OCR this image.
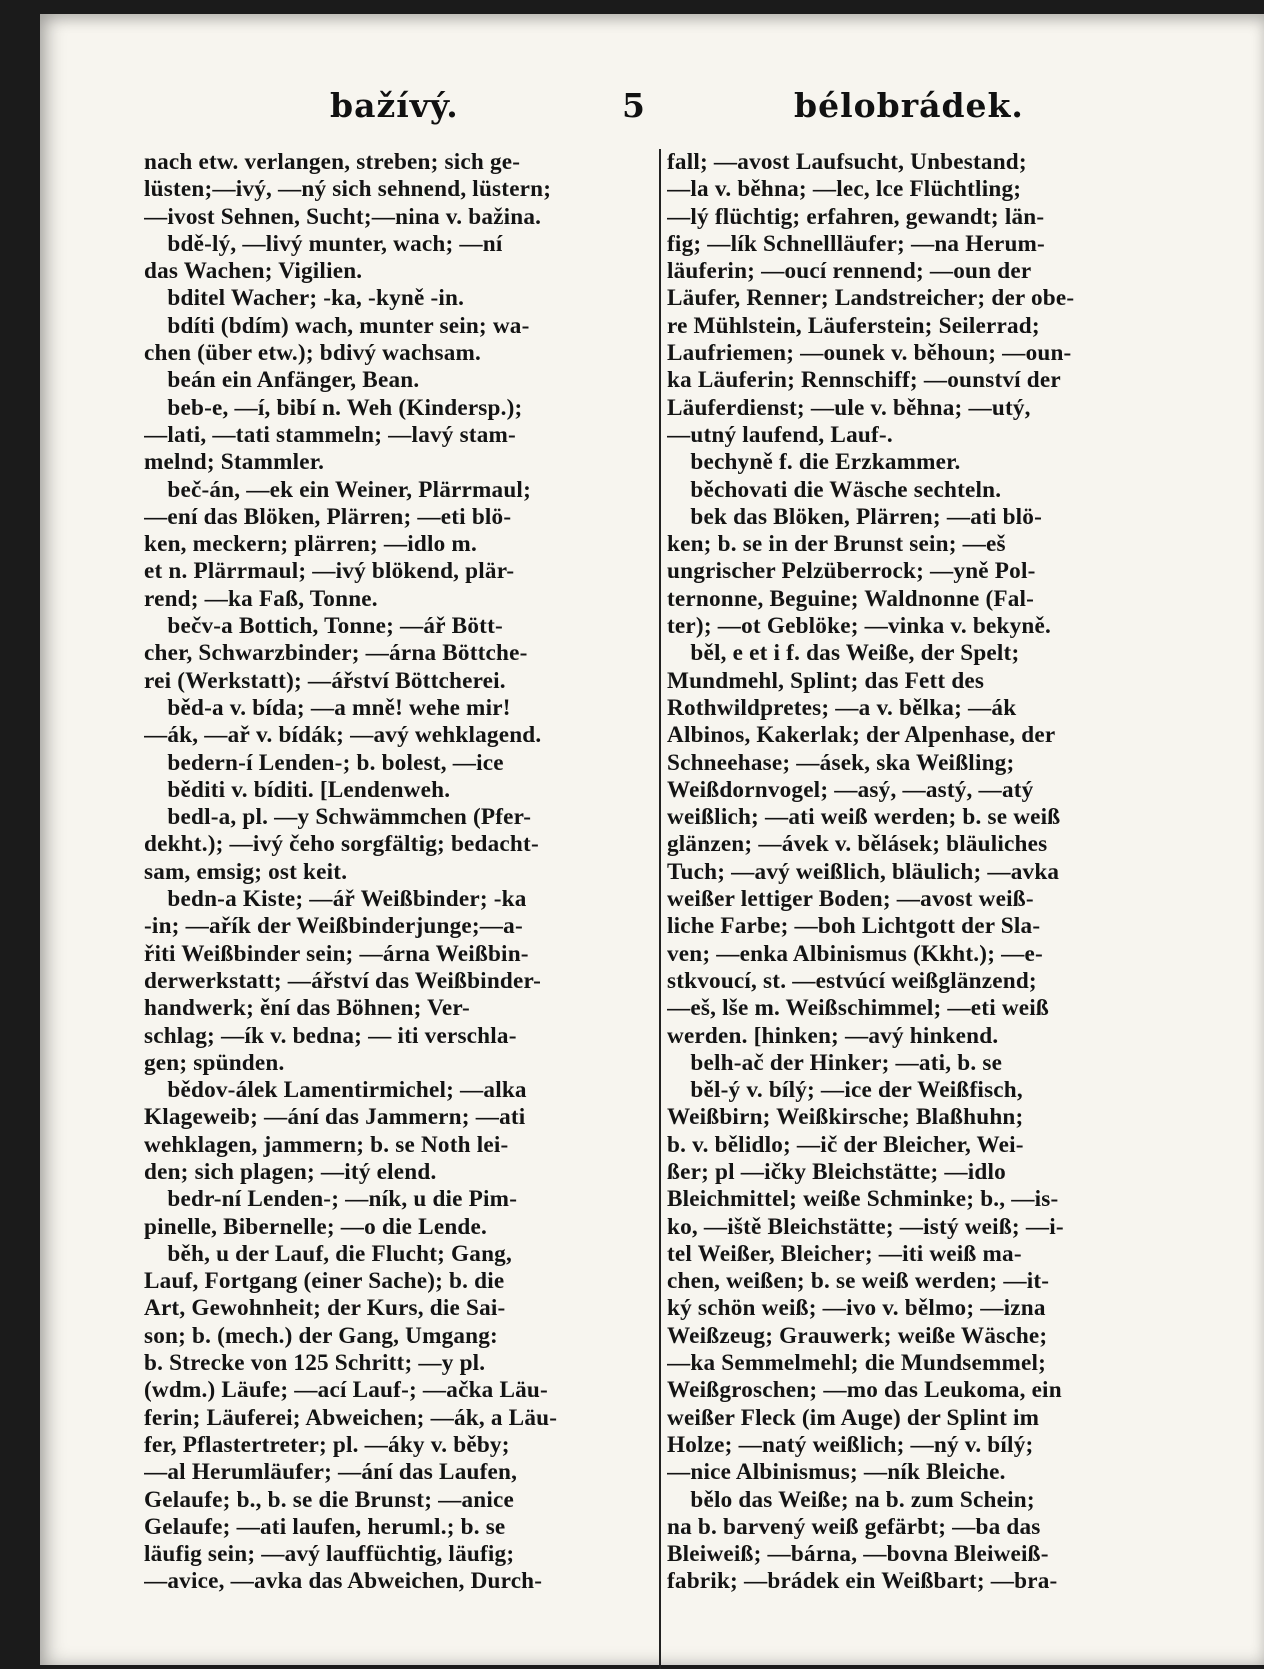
bažívý.	5	bélobrádek.
nach etw. verlangen, streben; sich ge-
lüsten;—ivý, —ný sich sehnend, lüstern;
—ivost Sehnen, Sucht;—nina v. bažina.
 bdě-lý, —livý munter, wach; —ní
das Wachen; Vigilien.
 bditel Wacher; -ka, -kyně -in.
 bdíti (bdím) wach, munter sein; wa-
chen (über etw.); bdivý wachsam.
 beán ein Anfänger, Bean.
 beb-e, —í, bibí n. Weh (Kindersp.);
—lati, —tati stammeln; —lavý stam-
melnd; Stammler.
 beč-án, —ek ein Weiner, Plärrmaul;
—ení das Blöken, Plärren; —eti blö-
ken, meckern; plärren; —idlo m.
et n. Plärrmaul; —ivý blökend, plär-
rend; —ka Faß, Tonne.
 bečv-a Bottich, Tonne; —ář Bött-
cher, Schwarzbinder; —árna Böttche-
rei (Werkstatt); —ářství Böttcherei.
 běd-a v. bída; —a mně! wehe mir!
—ák, —ař v. bídák; —avý wehklagend.
 bedern-í Lenden-; b. bolest, —ice
 běditi v. bíditi. [Lendenweh.
 bedl-a, pl. —y Schwämmchen (Pfer-
dekht.); —ivý čeho sorgfältig; bedacht-
sam, emsig; ost keit.
 bedn-a Kiste; —ář Weißbinder; -ka
-in; —ařík der Weißbinderjunge;—a-
řiti Weißbinder sein; —árna Weißbin-
derwerkstatt; —ářství das Weißbinder-
handwerk; ění das Böhnen; Ver-
schlag; —ík v. bedna; — iti verschla-
gen; spünden.
 bědov-álek Lamentirmichel; —alka
Klageweib; —ání das Jammern; —ati
wehklagen, jammern; b. se Noth lei-
den; sich plagen; —itý elend.
 bedr-ní Lenden-; —ník, u die Pim-
pinelle, Bibernelle; —o die Lende.
 běh, u der Lauf, die Flucht; Gang,
Lauf, Fortgang (einer Sache); b. die
Art, Gewohnheit; der Kurs, die Sai-
son; b. (mech.) der Gang, Umgang:
b. Strecke von 125 Schritt; —y pl.
(wdm.) Läufe; —ací Lauf-; —ačka Läu-
ferin; Läuferei; Abweichen; —ák, a Läu-
fer, Pflastertreter; pl. —áky v. běby;
—al Herumläufer; —ání das Laufen,
Gelaufe; b., b. se die Brunst; —anice
Gelaufe; —ati laufen, heruml.; b. se
läufig sein; —avý lauffüchtig, läufig;
—avice, —avka das Abweichen, Durch-
fall; —avost Laufsucht, Unbestand;
—la v. běhna; —lec, lce Flüchtling;
—lý flüchtig; erfahren, gewandt; län-
fig; —lík Schnellläufer; —na Herum-
läuferin; —oucí rennend; —oun der
Läufer, Renner; Landstreicher; der obe-
re Mühlstein, Läuferstein; Seilerrad;
Laufriemen; —ounek v. běhoun; —oun-
ka Läuferin; Rennschiff; —ounství der
Läuferdienst; —ule v. běhna; —utý,
—utný laufend, Lauf-.
 bechyně f. die Erzkammer.
 běchovati die Wäsche sechteln.
 bek das Blöken, Plärren; —ati blö-
ken; b. se in der Brunst sein; —eš
ungrischer Pelzüberrock; —yně Pol-
ternonne, Beguine; Waldnonne (Fal-
ter); —ot Geblöke; —vinka v. bekyně.
 běl, e et i f. das Weiße, der Spelt;
Mundmehl, Splint; das Fett des
Rothwildpretes; —a v. bělka; —ák
Albinos, Kakerlak; der Alpenhase, der
Schneehase; —ásek, ska Weißling;
Weißdornvogel; —asý, —astý, —atý
weißlich; —ati weiß werden; b. se weiß
glänzen; —ávek v. bělásek; bläuliches
Tuch; —avý weißlich, bläulich; —avka
weißer lettiger Boden; —avost weiß-
liche Farbe; —boh Lichtgott der Sla-
ven; —enka Albinismus (Kkht.); —e-
stkvoucí, st. —estvúcí weißglänzend;
—eš, lše m. Weißschimmel; —eti weiß
werden. [hinken; —avý hinkend.
 belh-ač der Hinker; —ati, b. se
 běl-ý v. bílý; —ice der Weißfisch,
Weißbirn; Weißkirsche; Blaßhuhn;
b. v. bělidlo; —ič der Bleicher, Wei-
ßer; pl —ičky Bleichstätte; —idlo
Bleichmittel; weiße Schminke; b., —is-
ko, —iště Bleichstätte; —istý weiß; —i-
tel Weißer, Bleicher; —iti weiß ma-
chen, weißen; b. se weiß werden; —it-
ký schön weiß; —ivo v. bělmo; —izna
Weißzeug; Grauwerk; weiße Wäsche;
—ka Semmelmehl; die Mundsemmel;
Weißgroschen; —mo das Leukoma, ein
weißer Fleck (im Auge) der Splint im
Holze; —natý weißlich; —ný v. bílý;
—nice Albinismus; —ník Bleiche.
 bělo das Weiße; na b. zum Schein;
na b. barvený weiß gefärbt; —ba das
Bleiweiß; —bárna, —bovna Bleiweiß-
fabrik; —brádek ein Weißbart; —bra-
